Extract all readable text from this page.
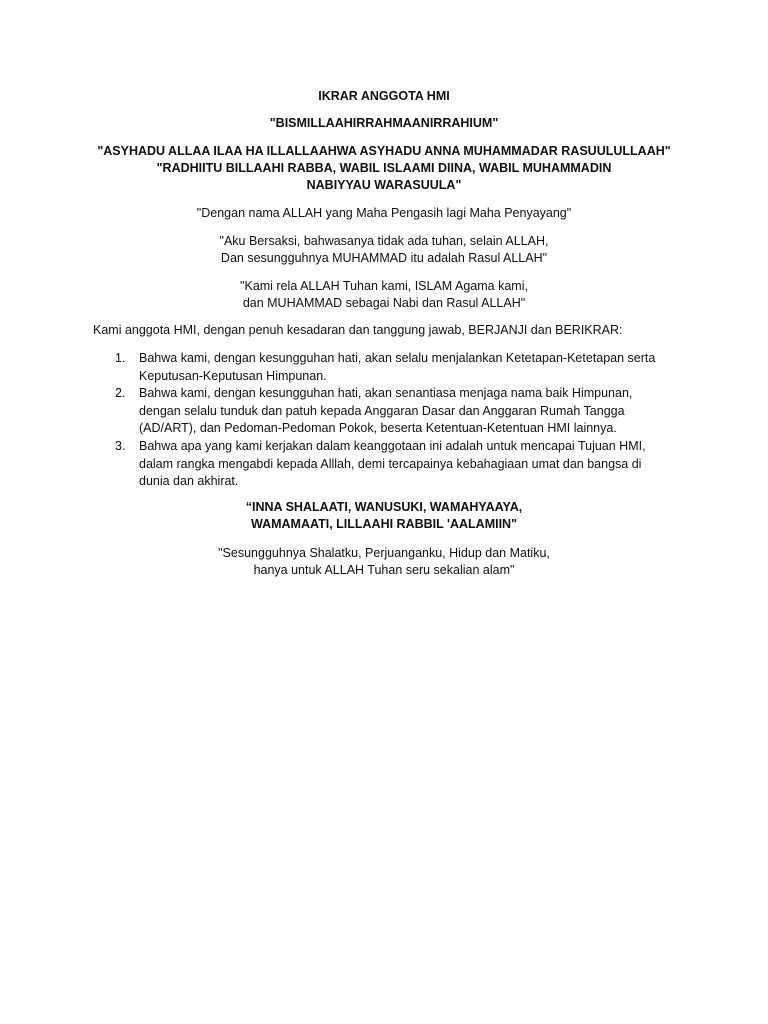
IKRAR ANGGOTA HMI
"BISMILLAAHIRRAHMAANIRRAHIUM"
"ASYHADU ALLAA ILAA HA ILLALLAAHWA ASYHADU ANNA MUHAMMADAR RASUULULLAAH"
"RADHIITU BILLAAHI RABBA, WABIL ISLAAMI DIINA, WABIL MUHAMMADIN
NABIYYAU WARASUULA"
"Dengan nama ALLAH yang Maha Pengasih lagi Maha Penyayang"
"Aku Bersaksi, bahwasanya tidak ada tuhan, selain ALLAH,
Dan sesungguhnya MUHAMMAD itu adalah Rasul ALLAH"
"Kami rela ALLAH Tuhan kami, ISLAM Agama kami,
dan MUHAMMAD sebagai Nabi dan Rasul ALLAH"
Kami anggota HMI, dengan penuh kesadaran dan tanggung jawab, BERJANJI dan BERIKRAR:
1.	Bahwa kami, dengan kesungguhan hati, akan selalu menjalankan Ketetapan-Ketetapan serta
Keputusan-Keputusan Himpunan.
2.	Bahwa kami, dengan kesungguhan hati, akan senantiasa menjaga nama baik Himpunan,
dengan selalu tunduk dan patuh kepada Anggaran Dasar dan Anggaran Rumah Tangga
(AD/ART), dan Pedoman-Pedoman Pokok, beserta Ketentuan-Ketentuan HMI lainnya.
3.	Bahwa apa yang kami kerjakan dalam keanggotaan ini adalah untuk mencapai Tujuan HMI,
dalam rangka mengabdi kepada Alllah, demi tercapainya kebahagiaan umat dan bangsa di
dunia dan akhirat.
“INNA SHALAATI, WANUSUKI, WAMAHYAAYA,
WAMAMAATI, LILLAAHI RABBIL 'AALAMIIN"
"Sesungguhnya Shalatku, Perjuanganku, Hidup dan Matiku,
hanya untuk ALLAH Tuhan seru sekalian alam"
